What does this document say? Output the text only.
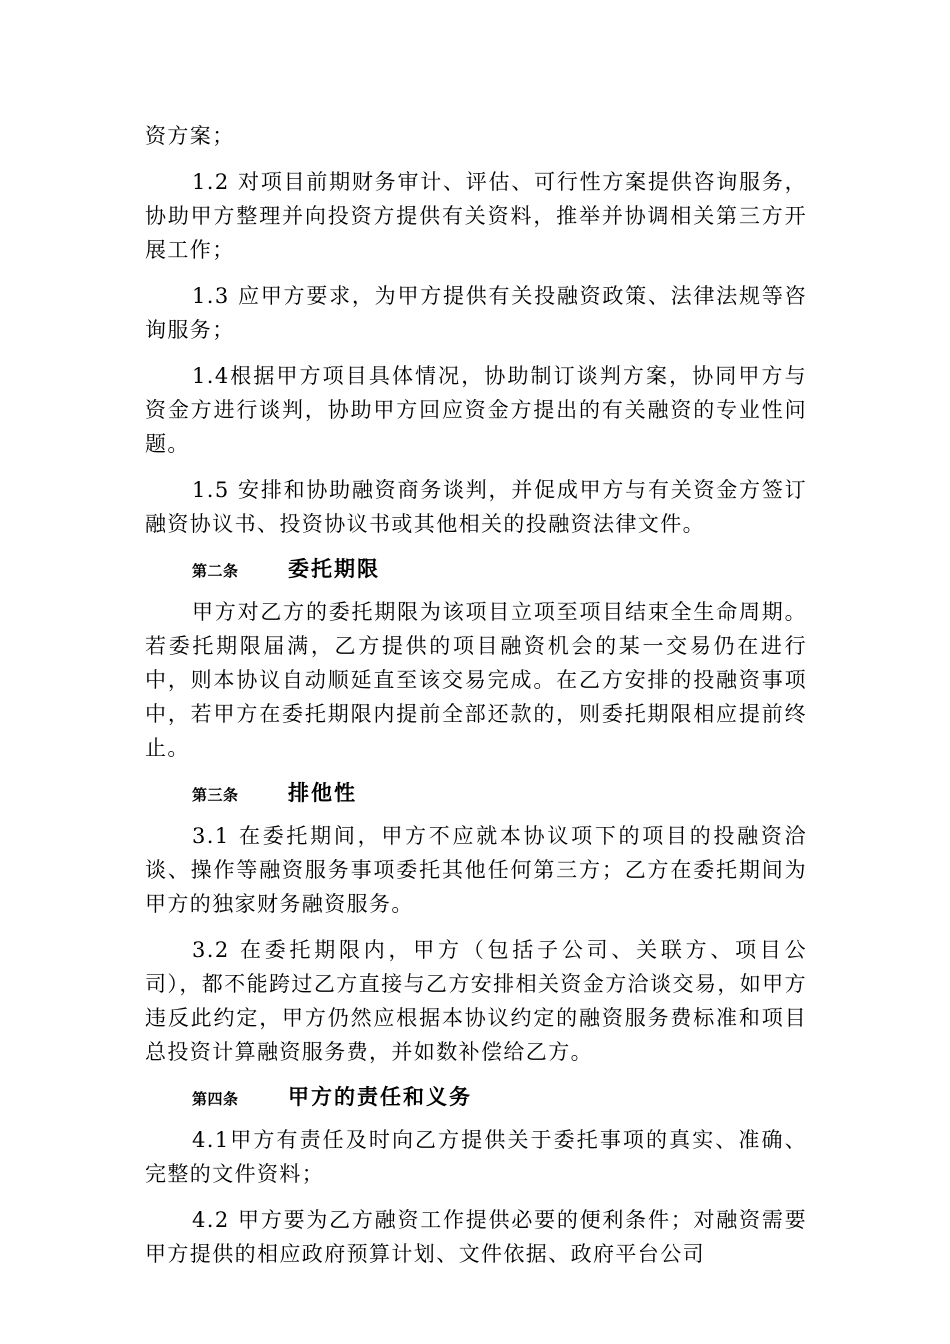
资方案；

1.2 对项目前期财务审计、评估、可行性方案提供咨询服务，协助甲方整理并向投资方提供有关资料，推举并协调相关第三方开展工作；

1.3 应甲方要求，为甲方提供有关投融资政策、法律法规等咨询服务；

1.4根据甲方项目具体情况，协助制订谈判方案，协同甲方与资金方进行谈判，协助甲方回应资金方提出的有关融资的专业性问题。

1.5 安排和协助融资商务谈判，并促成甲方与有关资金方签订融资协议书、投资协议书或其他相关的投融资法律文件。

第二条 委托期限

甲方对乙方的委托期限为该项目立项至项目结束全生命周期。若委托期限届满，乙方提供的项目融资机会的某一交易仍在进行中，则本协议自动顺延直至该交易完成。在乙方安排的投融资事项中，若甲方在委托期限内提前全部还款的，则委托期限相应提前终止。

第三条 排他性

3.1 在委托期间，甲方不应就本协议项下的项目的投融资洽谈、操作等融资服务事项委托其他任何第三方；乙方在委托期间为甲方的独家财务融资服务。

3.2 在委托期限内，甲方（包括子公司、关联方、项目公司），都不能跨过乙方直接与乙方安排相关资金方洽谈交易，如甲方违反此约定，甲方仍然应根据本协议约定的融资服务费标准和项目总投资计算融资服务费，并如数补偿给乙方。

第四条 甲方的责任和义务

4.1甲方有责任及时向乙方提供关于委托事项的真实、准确、完整的文件资料；

4.2 甲方要为乙方融资工作提供必要的便利条件；对融资需要甲方提供的相应政府预算计划、文件依据、政府平台公司
